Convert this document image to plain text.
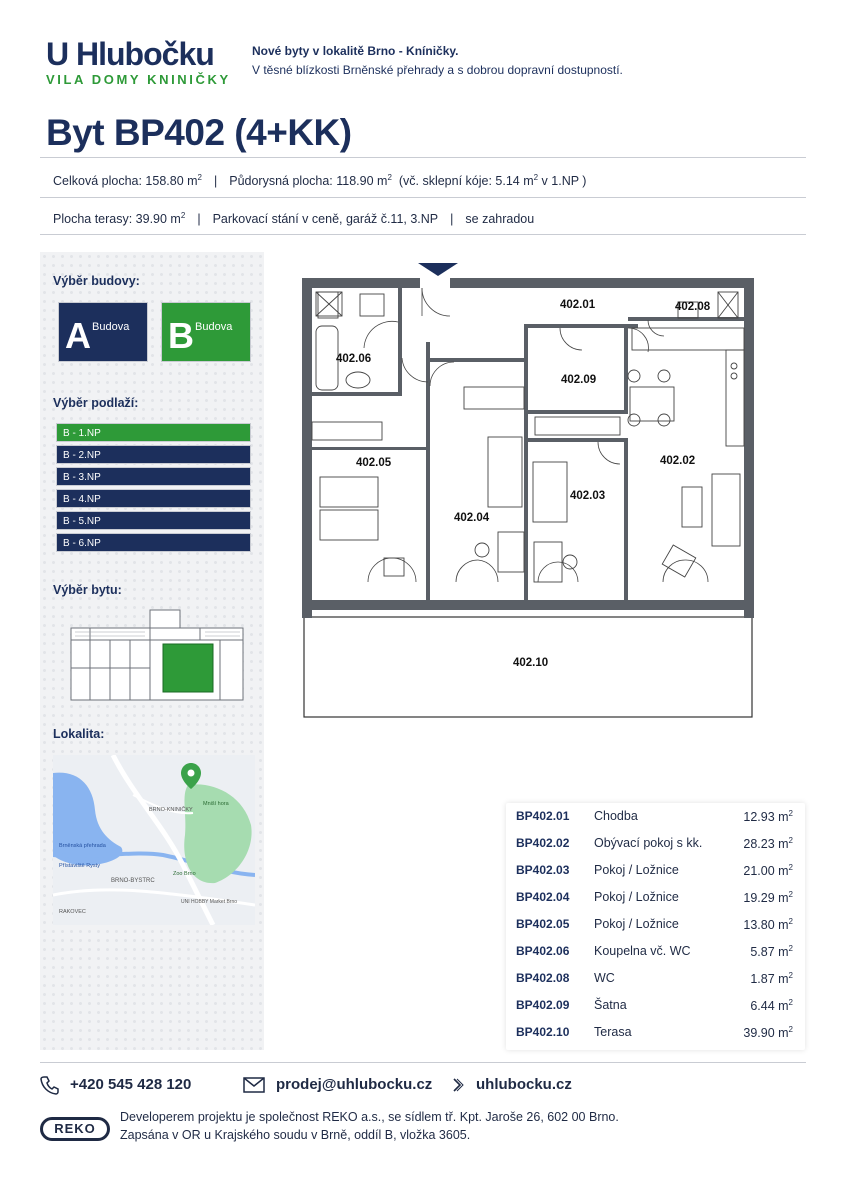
U Hlubočku
VILA DOMY KNINIČKY
Nové byty v lokalitě Brno - Kníničky.
V těsné blízkosti Brněnské přehrady a s dobrou dopravní dostupností.
Byt BP402 (4+KK)
Celková plocha: 158.80 $m^2$ | Půdorysná plocha: 118.90 $m^2$ (vč. sklepní kóje: 5.14 $m^2$ v 1.NP )
Plocha terasy: 39.90 $m^2$ | Parkovací stání v ceně, garáž č.11, 3.NP | se zahradou
Výběr budovy:
A Budova B Budova
Výběr podlaží:
B - 1.NP
B - 2.NP
B - 3.NP
B - 4.NP
B - 5.NP
B - 6.NP
Výběr bytu:
Lokalita:
BRNO-KNINIČKY
Mniší hora
Brněnská přehrada
Přístaviště Rysty
Zoo Brno
BRNO-BYSTRC
RAKOVEC
UNI HOBBY Market Brno
402.01
402.02
402.03
402.04
402.05
402.06
402.08
402.09
402.10
BP402.01 Chodba	12.93 $m^2$
BP402.02 Obývací pokoj s kk.	28.23 $m^2$
BP402.03 Pokoj / Ložnice	21.00 $m^2$
BP402.04 Pokoj / Ložnice	19.29 $m^2$
BP402.05 Pokoj / Ložnice	13.80 $m^2$
BP402.06 Koupelna vč. WC	5.87 $m^2$
BP402.08 WC	1.87 $m^2$
BP402.09 Šatna	6.44 $m^2$
BP402.10 Terasa	39.90 $m^2$
+420 545 428 120	prodej@uhlubocku.cz	uhlubocku.cz
REKO
Developerem projektu je společnost REKO a.s., se sídlem tř. Kpt. Jaroše 26, 602 00 Brno.
Zapsána v OR u Krajského soudu v Brně, oddíl B, vložka 3605.
